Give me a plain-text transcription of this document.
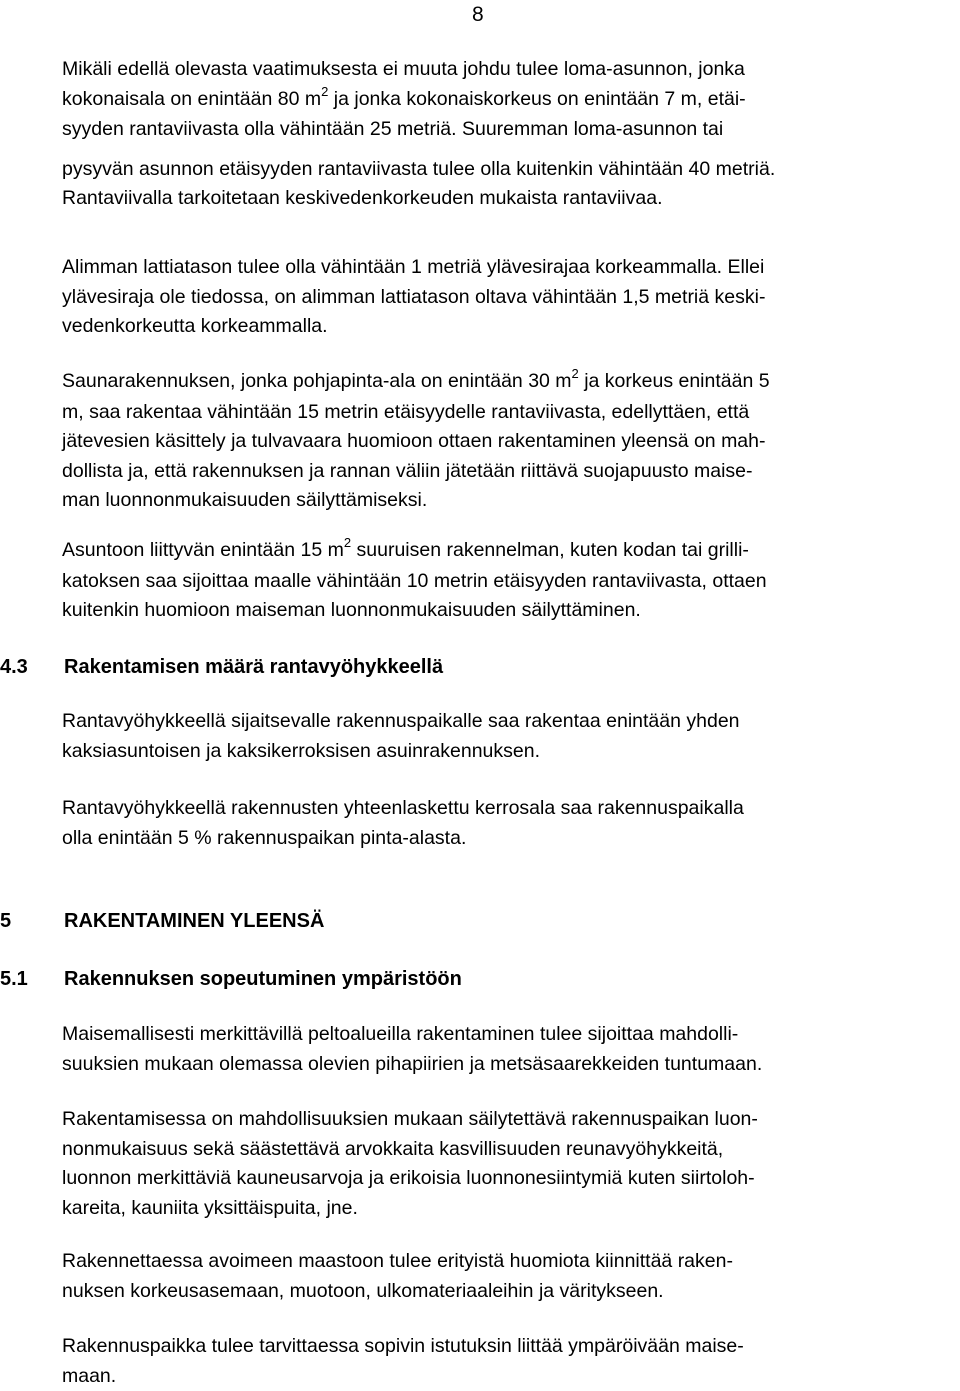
8
Mikäli edellä olevasta vaatimuksesta ei muuta johdu tulee loma-asunnon, jonka
kokonaisala on enintään 80 $m^2$ ja jonka kokonaiskorkeus on enintään 7 m, etäi-
syyden rantaviivasta olla vähintään 25 metriä. Suuremman loma-asunnon tai
pysyvän asunnon etäisyyden rantaviivasta tulee olla kuitenkin vähintään 40 metriä.
Rantaviivalla tarkoitetaan keskivedenkorkeuden mukaista rantaviivaa.
Alimman lattiatason tulee olla vähintään 1 metriä ylävesirajaa korkeammalla. Ellei
ylävesiraja ole tiedossa, on alimman lattiatason oltava vähintään 1,5 metriä keski-
vedenkorkeutta korkeammalla.
Saunarakennuksen, jonka pohjapinta-ala on enintään 30 $m^2$ ja korkeus enintään 5
m, saa rakentaa vähintään 15 metrin etäisyydelle rantaviivasta, edellyttäen, että
jätevesien käsittely ja tulvavaara huomioon ottaen rakentaminen yleensä on mah-
dollista ja, että rakennuksen ja rannan väliin jätetään riittävä suojapuusto maise-
man luonnonmukaisuuden säilyttämiseksi.
Asuntoon liittyvän enintään 15 $m^2$ suuruisen rakennelman, kuten kodan tai grilli-
katoksen saa sijoittaa maalle vähintään 10 metrin etäisyyden rantaviivasta, ottaen
kuitenkin huomioon maiseman luonnonmukaisuuden säilyttäminen.
4.3 Rakentamisen määrä rantavyöhykkeellä
Rantavyöhykkeellä sijaitsevalle rakennuspaikalle saa rakentaa enintään yhden
kaksiasuntoisen ja kaksikerroksisen asuinrakennuksen.
Rantavyöhykkeellä rakennusten yhteenlaskettu kerrosala saa rakennuspaikalla
olla enintään 5 % rakennuspaikan pinta-alasta.
5	RAKENTAMINEN YLEENSÄ
5.1 Rakennuksen sopeutuminen ympäristöön
Maisemallisesti merkittävillä peltoalueilla rakentaminen tulee sijoittaa mahdolli-
suuksien mukaan olemassa olevien pihapiirien ja metsäsaarekkeiden tuntumaan.
Rakentamisessa on mahdollisuuksien mukaan säilytettävä rakennuspaikan luon-
nonmukaisuus sekä säästettävä arvokkaita kasvillisuuden reunavyöhykkeitä,
luonnon merkittäviä kauneusarvoja ja erikoisia luonnonesiintymiä kuten siirtoloh-
kareita, kauniita yksittäispuita, jne.
Rakennettaessa avoimeen maastoon tulee erityistä huomiota kiinnittää raken-
nuksen korkeusasemaan, muotoon, ulkomateriaaleihin ja väritykseen.
Rakennuspaikka tulee tarvittaessa sopivin istutuksin liittää ympäröivään maise-
maan.
